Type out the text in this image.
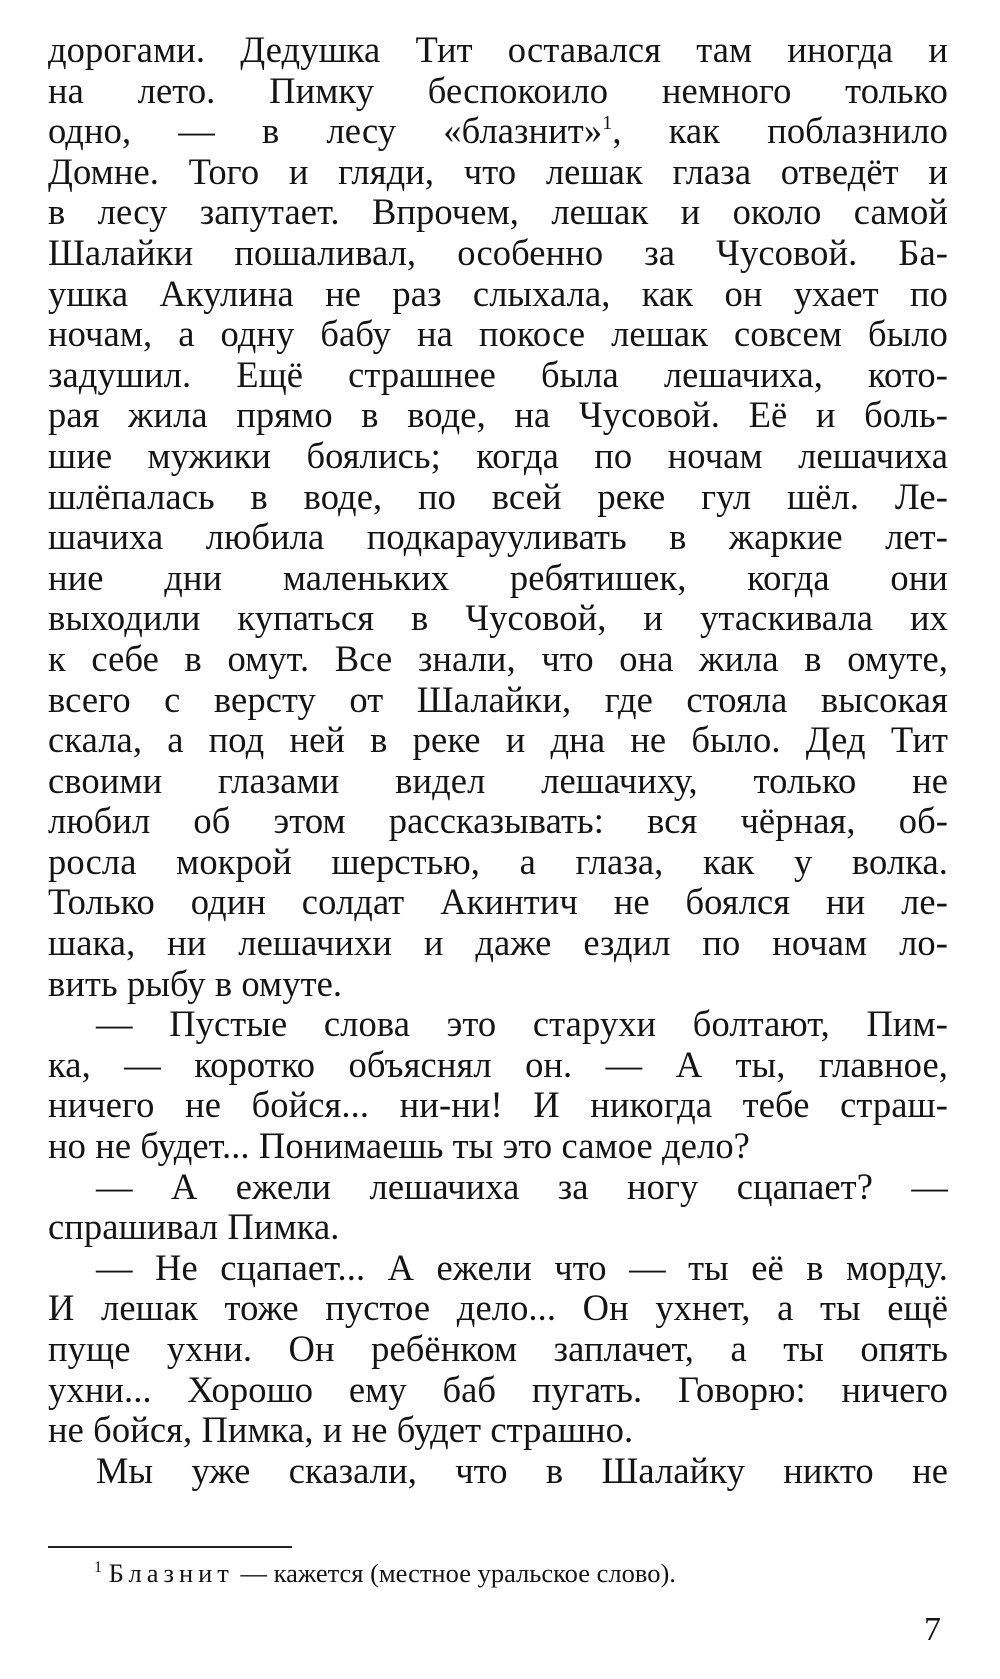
дорогами. Дедушка Тит оставался там иногда и
на лето. Пимку беспокоило немного только
одно, — в лесу «блазнит»$^1$, как поблазнило
Домне. Того и гляди, что лешак глаза отведёт и
в лесу запутает. Впрочем, лешак и около самой
Шалайки пошаливал, особенно за Чусовой. Ба-
ушка Акулина не раз слыхала, как он ухает по
ночам, а одну бабу на покосе лешак совсем было
задушил. Ещё страшнее была лешачиха, кото-
рая жила прямо в воде, на Чусовой. Её и боль-
шие мужики боялись; когда по ночам лешачиха
шлёпалась в воде, по всей реке гул шёл. Ле-
шачиха любила подкараууливать в жаркие лет-
ние дни маленьких ребятишек, когда они
выходили купаться в Чусовой, и утаскивала их
к себе в омут. Все знали, что она жила в омуте,
всего с версту от Шалайки, где стояла высокая
скала, а под ней в реке и дна не было. Дед Тит
своими глазами видел лешачиху, только не
любил об этом рассказывать: вся чёрная, об-
росла мокрой шерстью, а глаза, как у волка.
Только один солдат Акинтич не боялся ни ле-
шака, ни лешачихи и даже ездил по ночам ло-
вить рыбу в омуте.
— Пустые слова это старухи болтают, Пим-
ка, — коротко объяснял он. — А ты, главное,
ничего не бойся... ни-ни! И никогда тебе страш-
но не будет... Понимаешь ты это самое дело?
— А ежели лешачиха за ногу сцапает? —
спрашивал Пимка.
— Не сцапает... А ежели что — ты её в морду.
И лешак тоже пустое дело... Он ухнет, а ты ещё
пуще ухни. Он ребёнком заплачет, а ты опять
ухни... Хорошо ему баб пугать. Говорю: ничего
не бойся, Пимка, и не будет страшно.
Мы уже сказали, что в Шалайку никто не
$^1$ Блазнит — кажется (местное уральское слово).
7
